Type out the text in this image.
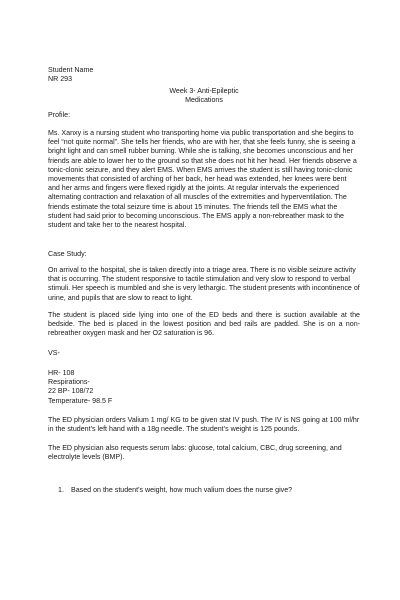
Student Name
NR 293
Week 3- Anti-Epileptic
Medications
Profile:
Ms. Xanxy is a nursing student who transporting home via public transportation and she begins to feel “not quite normal”. She tells her friends, who are with her, that she feels funny, she is seeing a bright light and can smell rubber burning. While she is talking, she becomes unconscious and her friends are able to lower her to the ground so that she does not hit her head. Her friends observe a tonic-clonic seizure, and they alert EMS. When EMS arrives the student is still having tonic-clonic movements that consisted of arching of her back, her head was extended, her knees were bent and her arms and fingers were flexed rigidly at the joints. At regular intervals the experienced alternating contraction and relaxation of all muscles of the extremities and hyperventilation. The friends estimate the total seizure time is about 15 minutes. The friends tell the EMS what the student had said prior to becoming unconscious. The EMS apply a non-rebreather mask to the student and take her to the nearest hospital.
Case Study:
On arrival to the hospital, she is taken directly into a triage area. There is no visible seizure activity that is occurring. The student responsive to tactile stimulation and very slow to respond to verbal stimuli. Her speech is mumbled and she is very lethargic. The student presents with incontinence of urine, and pupils that are slow to react to light.
The student is placed side lying into one of the ED beds and there is suction available at the bedside. The bed is placed in the lowest position and bed rails are padded. She is on a non- rebreather oxygen mask and her O2 saturation is 96.
VS-
HR- 108
Respirations-
22 BP- 108/72
Temperature- 98.5 F
The ED physician orders Valium 1 mg/ KG to be given stat IV push. The IV is NS going at 100 ml/hr in the student’s left hand with a 18g needle. The student’s weight is 125 pounds.
The ED physician also requests serum labs: glucose, total calcium, CBC, drug screening, and electrolyte levels (BMP).
1. Based on the student’s weight, how much valium does the nurse give?
